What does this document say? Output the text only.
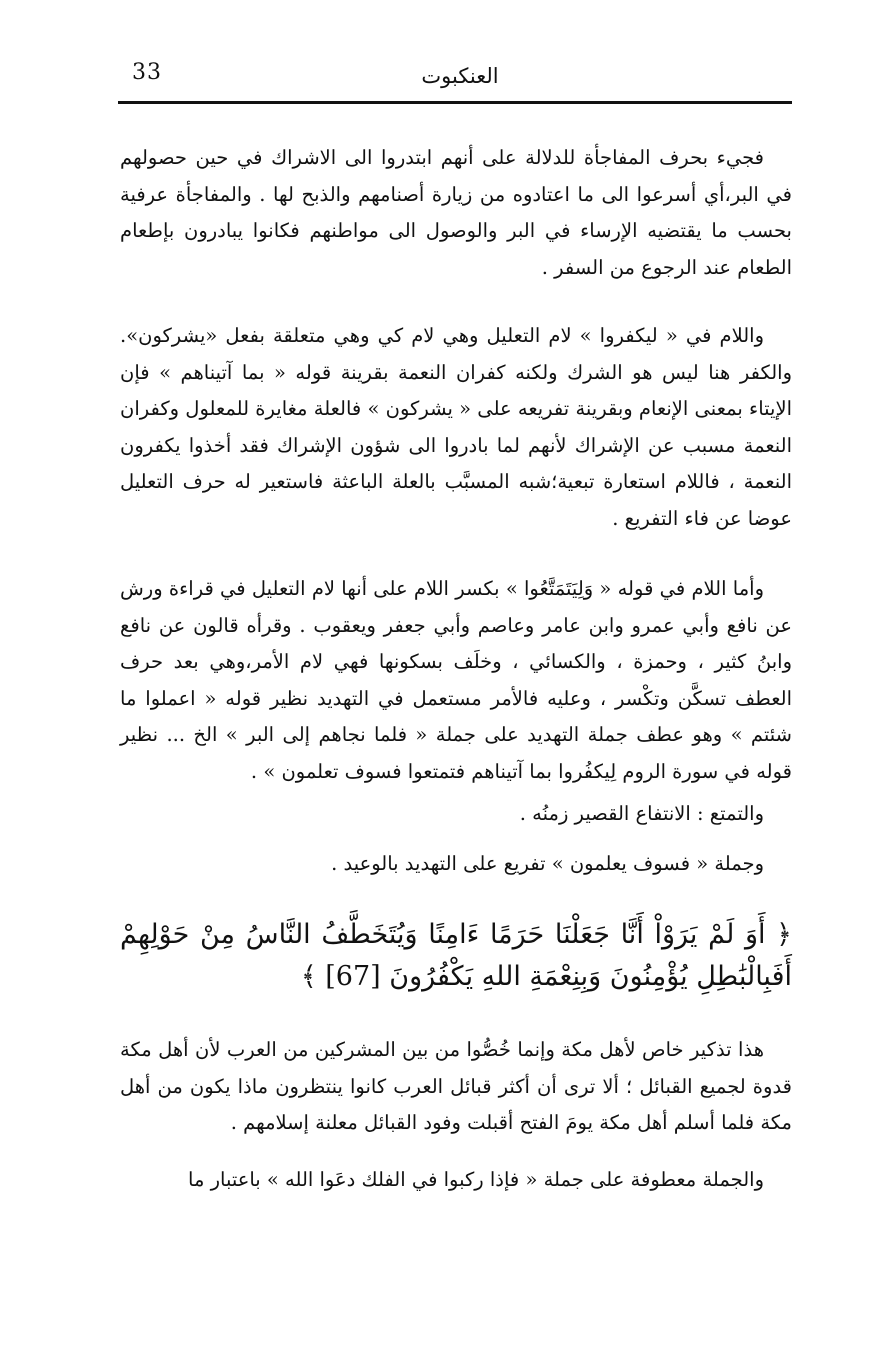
33	العنكبوت

فجيء بحرف المفاجأة للدلالة على أنهم ابتدروا الى الاشراك في حين حصولهم في البر،أي أسرعوا الى ما اعتادوه من زيارة أصنامهم والذبح لها . والمفاجأة عرفية بحسب ما يقتضيه الإرساء في البر والوصول الى مواطنهم فكانوا يبادرون بإطعام الطعام عند الرجوع من السفر .

واللام في « ليكفروا » لام التعليل وهي لام كي وهي متعلقة بفعل «يشركون». والكفر هنا ليس هو الشرك ولكنه كفران النعمة بقرينة قوله « بما آتيناهم » فإن الإيتاء بمعنى الإنعام وبقرينة تفريعه على « يشركون » فالعلة مغايرة للمعلول وكفران النعمة مسبب عن الإشراك لأنهم لما بادروا الى شؤون الإشراك فقد أخذوا يكفرون النعمة ، فاللام استعارة تبعية؛شبه المسبَّب بالعلة الباعثة فاستعير له حرف التعليل عوضا عن فاء التفريع .

وأما اللام في قوله « وَلِيَتَمَتَّعُوا » بكسر اللام على أنها لام التعليل في قراءة ورش عن نافع وأبي عمرو وابن عامر وعاصم وأبي جعفر ويعقوب . وقرأه قالون عن نافع وابنُ كثير ، وحمزة ، والكسائي ، وخلَف بسكونها فهي لام الأمر،وهي بعد حرف العطف تسكَّن وتكْسر ، وعليه فالأمر مستعمل في التهديد نظير قوله « اعملوا ما شئتم » وهو عطف جملة التهديد على جملة « فلما نجاهم إلى البر » الخ ... نظير قوله في سورة الروم لِيكفُروا بما آتيناهم فتمتعوا فسوف تعلمون » .

والتمتع : الانتفاع القصير زمنُه .

وجملة « فسوف يعلمون » تفريع على التهديد بالوعيد .

﴿ أَوَ لَمْ يَرَوْاْ أَنَّا جَعَلْنَا حَرَمًا ءَامِنًا وَيُتَخَطَّفُ النَّاسُ مِنْ حَوْلِهِمْ أَفَبِالْبَٰطِلِ يُؤْمِنُونَ وَبِنِعْمَةِ اللهِ يَكْفُرُونَ [67] ﴾

هذا تذكير خاص لأهل مكة وإنما خُصُّوا من بين المشركين من العرب لأن أهل مكة قدوة لجميع القبائل ؛ ألا ترى أن أكثر قبائل العرب كانوا ينتظرون ماذا يكون من أهل مكة فلما أسلم أهل مكة يومَ الفتح أقبلت وفود القبائل معلنة إسلامهم .

والجملة معطوفة على جملة « فإذا ركبوا في الفلك دعَوا الله » باعتبار ما
